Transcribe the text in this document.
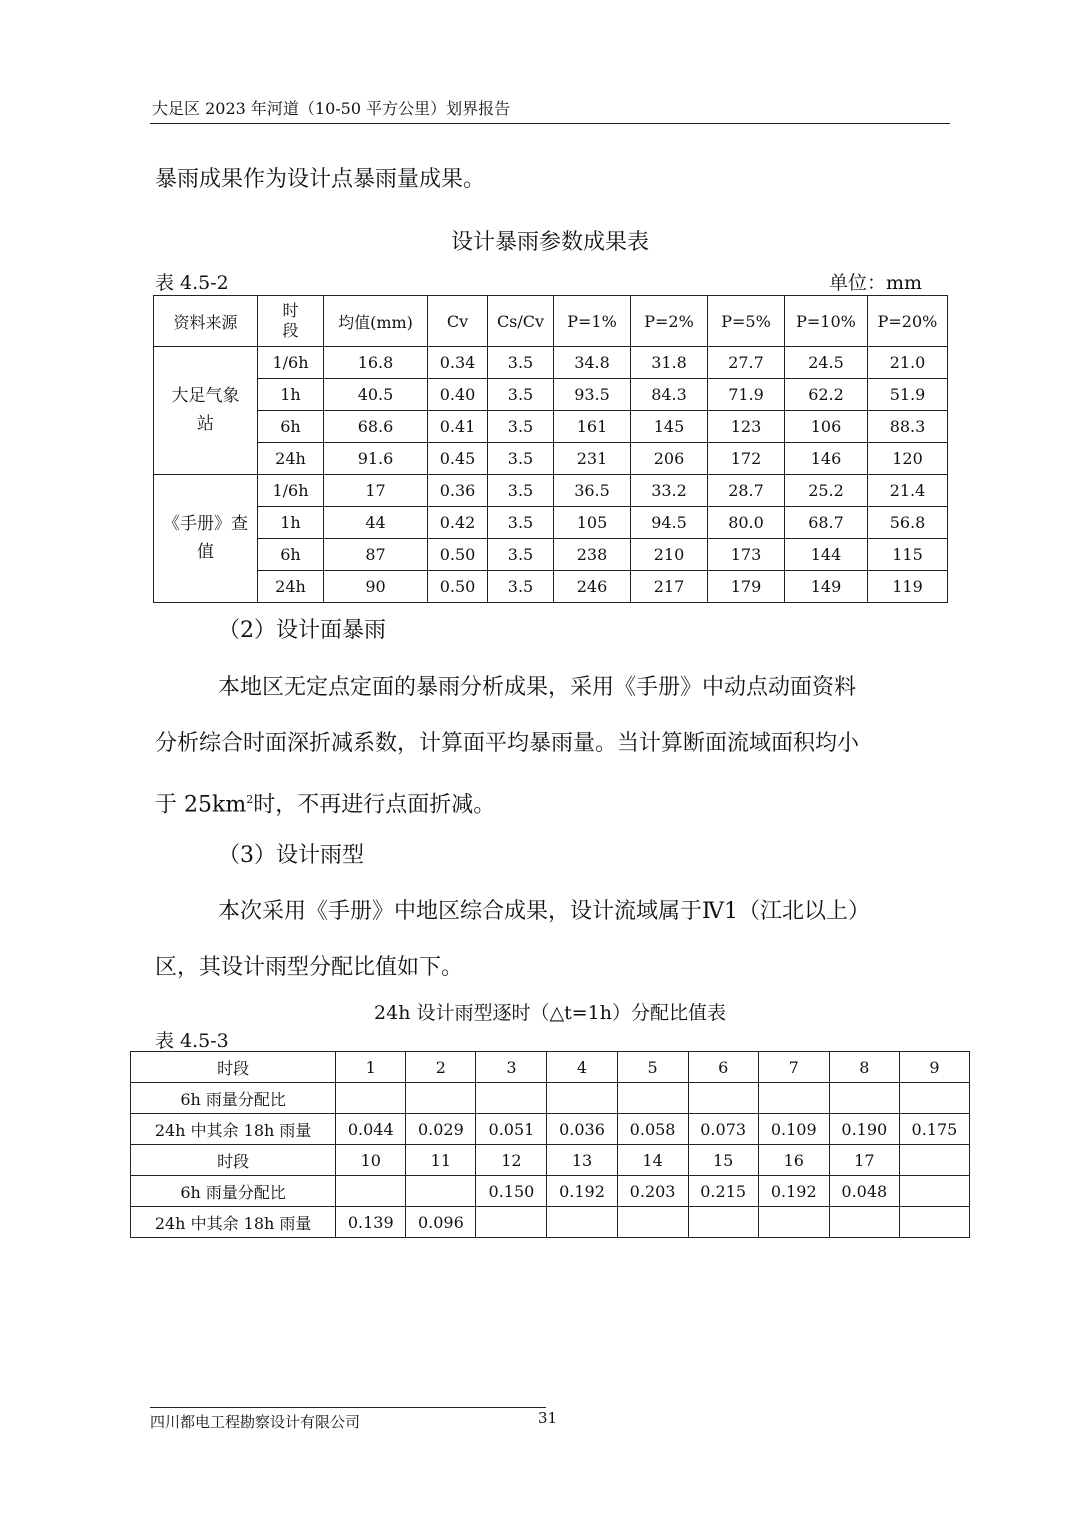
大足区 2023 年河道（10-50 平方公里）划界报告
暴雨成果作为设计点暴雨量成果。
设计暴雨参数成果表
表 4.5-2	单位：mm
资料来源	时段	均值(mm)	Cv	Cs/Cv	P=1%	P=2%	P=5%	P=10%	P=20%
大足气象站	1/6h	16.8	0.34	3.5	34.8	31.8	27.7	24.5	21.0
	1h	40.5	0.40	3.5	93.5	84.3	71.9	62.2	51.9
	6h	68.6	0.41	3.5	161	145	123	106	88.3
	24h	91.6	0.45	3.5	231	206	172	146	120
《手册》查值	1/6h	17	0.36	3.5	36.5	33.2	28.7	25.2	21.4
	1h	44	0.42	3.5	105	94.5	80.0	68.7	56.8
	6h	87	0.50	3.5	238	210	173	144	115
	24h	90	0.50	3.5	246	217	179	149	119
（2）设计面暴雨
本地区无定点定面的暴雨分析成果，采用《手册》中动点动面资料
分析综合时面深折减系数，计算面平均暴雨量。当计算断面流域面积均小
于 $25km^2$时，不再进行点面折减。
（3）设计雨型
本次采用《手册》中地区综合成果，设计流域属于Ⅳ1（江北以上）
区，其设计雨型分配比值如下。
24h 设计雨型逐时（△t=1h）分配比值表
表 4.5-3
时段	1	2	3	4	5	6	7	8	9
6h 雨量分配比									
24h 中其余 18h 雨量	0.044	0.029	0.051	0.036	0.058	0.073	0.109	0.190	0.175
时段	10	11	12	13	14	15	16	17	
6h 雨量分配比			0.150	0.192	0.203	0.215	0.192	0.048	
24h 中其余 18h 雨量	0.139	0.096							
四川都电工程勘察设计有限公司	31
